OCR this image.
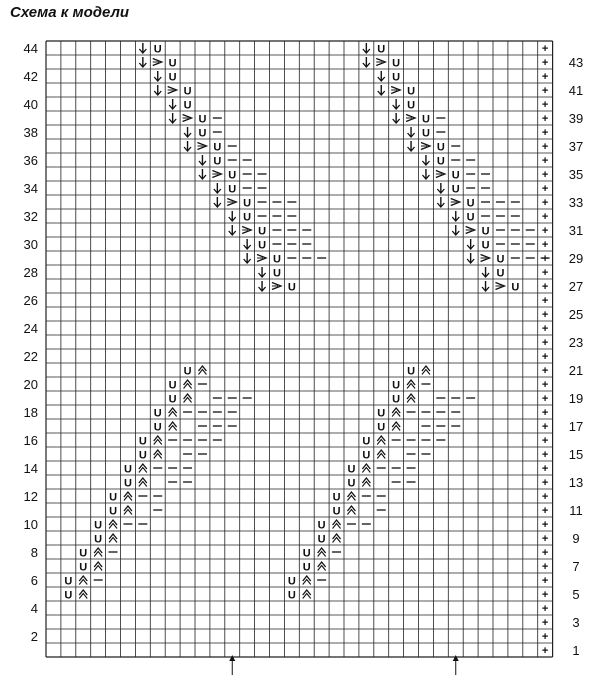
Схема к модели
2
4
6
8
10
12
14
16
18
20
22
24
26
28
30
32
34
36
38
40
42
44
1
3
5
7
9
11
13
15
17
19
21
23
25
27
29
31
33
35
37
39
41
43
+
+
+
+
+
+
+
+
+
+
+
+
+
+
+
+
+
+
+
+
+
+
+
+
+
+
+
+
+
+
+
+
+
+
+
+
+
+
+
+
+
+
+
+
U
U
U
U
U
U
U
U
U
U
U
U
U
U
U
U
U
U
U
U
U
U
U
U
U
U
U
U
U
U
U
U
U
U
U
U
U
U
U
U
U
U
U
U
U
U
U
U
U
U
U
U
U
U
U
U
U
U
U
U
U
U
U
U
U
U
U
U
U
U
